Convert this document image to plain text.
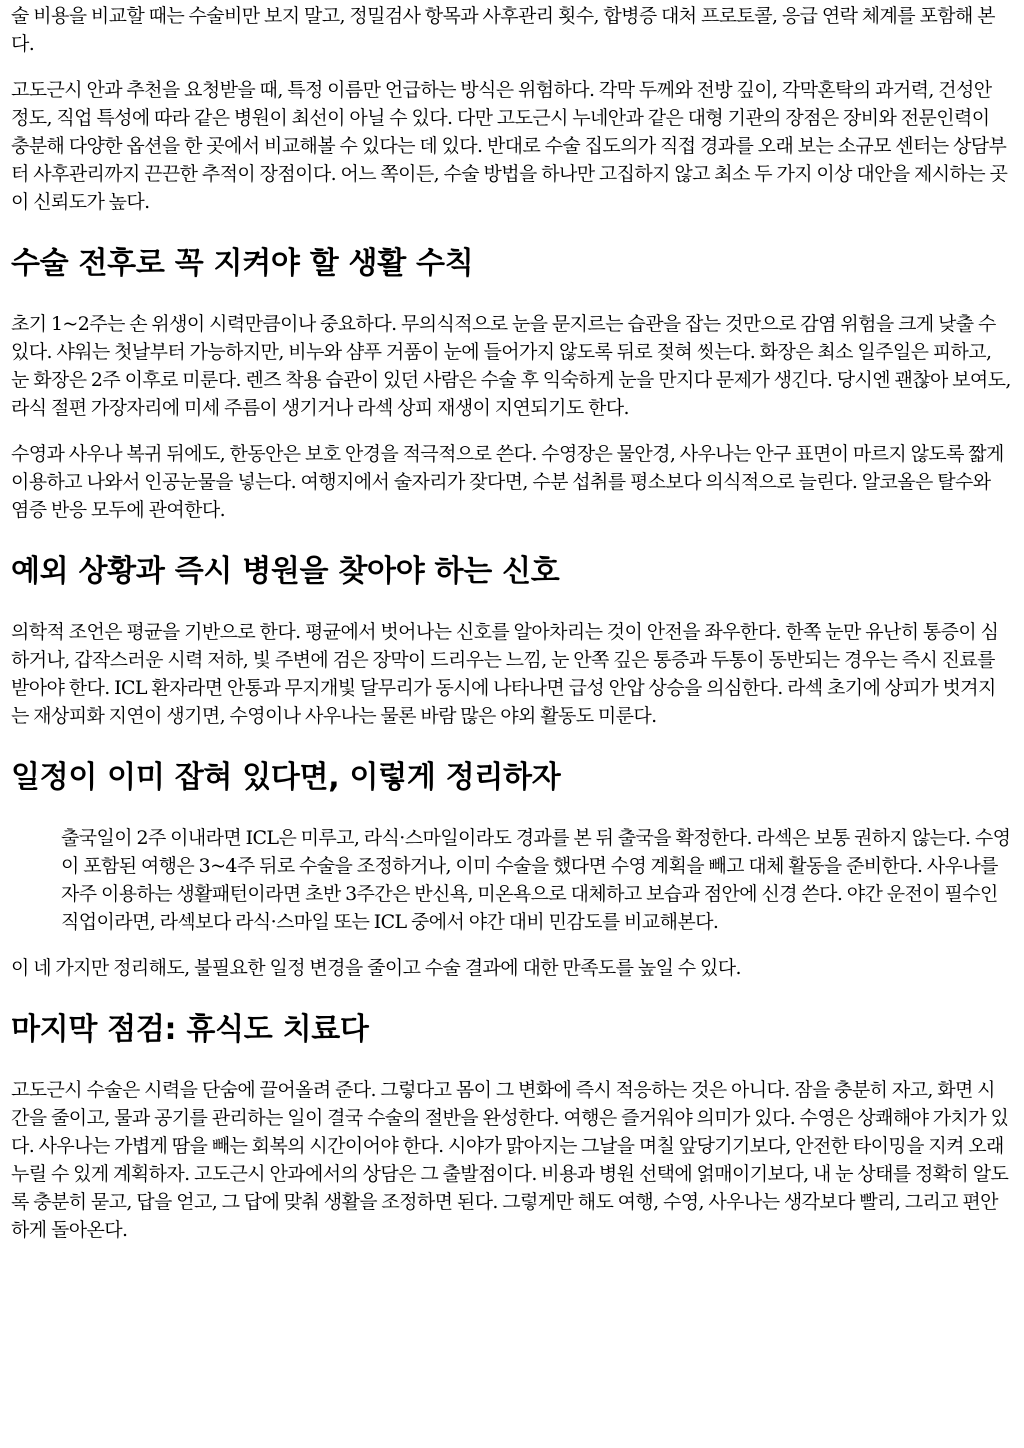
술 비용을 비교할 때는 수술비만 보지 말고, 정밀검사 항목과 사후관리 횟수, 합병증 대처 프로토콜, 응급 연락 체계를 포함해 본다.

고도근시 안과 추천을 요청받을 때, 특정 이름만 언급하는 방식은 위험하다. 각막 두께와 전방 깊이, 각막혼탁의 과거력, 건성안 정도, 직업 특성에 따라 같은 병원이 최선이 아닐 수 있다. 다만 고도근시 누네안과 같은 대형 기관의 장점은 장비와 전문인력이 충분해 다양한 옵션을 한 곳에서 비교해볼 수 있다는 데 있다. 반대로 수술 집도의가 직접 경과를 오래 보는 소규모 센터는 상담부터 사후관리까지 끈끈한 추적이 장점이다. 어느 쪽이든, 수술 방법을 하나만 고집하지 않고 최소 두 가지 이상 대안을 제시하는 곳이 신뢰도가 높다.

수술 전후로 꼭 지켜야 할 생활 수칙

초기 1~2주는 손 위생이 시력만큼이나 중요하다. 무의식적으로 눈을 문지르는 습관을 잡는 것만으로 감염 위험을 크게 낮출 수 있다. 샤워는 첫날부터 가능하지만, 비누와 샴푸 거품이 눈에 들어가지 않도록 뒤로 젖혀 씻는다. 화장은 최소 일주일은 피하고, 눈 화장은 2주 이후로 미룬다. 렌즈 착용 습관이 있던 사람은 수술 후 익숙하게 눈을 만지다 문제가 생긴다. 당시엔 괜찮아 보여도, 라식 절편 가장자리에 미세 주름이 생기거나 라섹 상피 재생이 지연되기도 한다.

수영과 사우나 복귀 뒤에도, 한동안은 보호 안경을 적극적으로 쓴다. 수영장은 물안경, 사우나는 안구 표면이 마르지 않도록 짧게 이용하고 나와서 인공눈물을 넣는다. 여행지에서 술자리가 잦다면, 수분 섭취를 평소보다 의식적으로 늘린다. 알코올은 탈수와 염증 반응 모두에 관여한다.

예외 상황과 즉시 병원을 찾아야 하는 신호

의학적 조언은 평균을 기반으로 한다. 평균에서 벗어나는 신호를 알아차리는 것이 안전을 좌우한다. 한쪽 눈만 유난히 통증이 심하거나, 갑작스러운 시력 저하, 빛 주변에 검은 장막이 드리우는 느낌, 눈 안쪽 깊은 통증과 두통이 동반되는 경우는 즉시 진료를 받아야 한다. ICL 환자라면 안통과 무지개빛 달무리가 동시에 나타나면 급성 안압 상승을 의심한다. 라섹 초기에 상피가 벗겨지는 재상피화 지연이 생기면, 수영이나 사우나는 물론 바람 많은 야외 활동도 미룬다.

일정이 이미 잡혀 있다면, 이렇게 정리하자

출국일이 2주 이내라면 ICL은 미루고, 라식·스마일이라도 경과를 본 뒤 출국을 확정한다. 라섹은 보통 권하지 않는다. 수영이 포함된 여행은 3~4주 뒤로 수술을 조정하거나, 이미 수술을 했다면 수영 계획을 빼고 대체 활동을 준비한다. 사우나를 자주 이용하는 생활패턴이라면 초반 3주간은 반신욕, 미온욕으로 대체하고 보습과 점안에 신경 쓴다. 야간 운전이 필수인 직업이라면, 라섹보다 라식·스마일 또는 ICL 중에서 야간 대비 민감도를 비교해본다.

이 네 가지만 정리해도, 불필요한 일정 변경을 줄이고 수술 결과에 대한 만족도를 높일 수 있다.

마지막 점검: 휴식도 치료다

고도근시 수술은 시력을 단숨에 끌어올려 준다. 그렇다고 몸이 그 변화에 즉시 적응하는 것은 아니다. 잠을 충분히 자고, 화면 시간을 줄이고, 물과 공기를 관리하는 일이 결국 수술의 절반을 완성한다. 여행은 즐거워야 의미가 있다. 수영은 상쾌해야 가치가 있다. 사우나는 가볍게 땀을 빼는 회복의 시간이어야 한다. 시야가 맑아지는 그날을 며칠 앞당기기보다, 안전한 타이밍을 지켜 오래 누릴 수 있게 계획하자. 고도근시 안과에서의 상담은 그 출발점이다. 비용과 병원 선택에 얽매이기보다, 내 눈 상태를 정확히 알도록 충분히 묻고, 답을 얻고, 그 답에 맞춰 생활을 조정하면 된다. 그렇게만 해도 여행, 수영, 사우나는 생각보다 빨리, 그리고 편안하게 돌아온다.
